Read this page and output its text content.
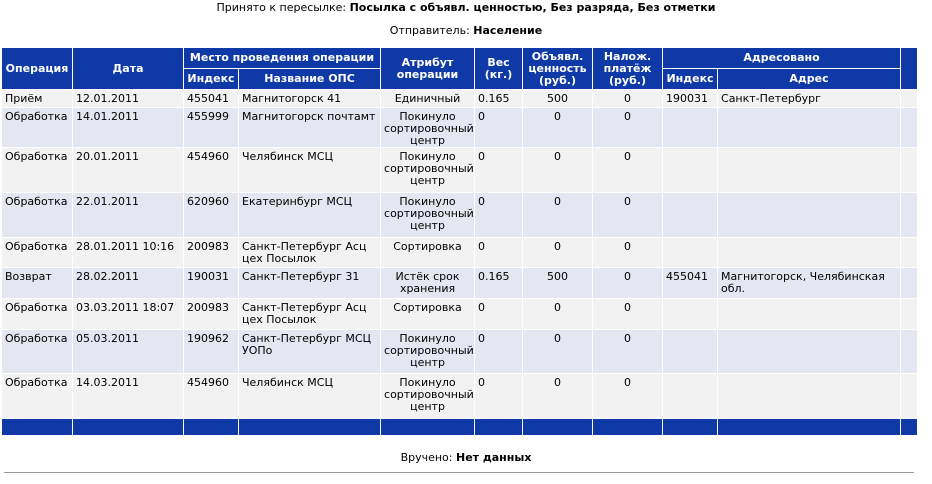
Принято к пересылке: Посылка с объявл. ценностью, Без разряда, Без отметки
Отправитель: Население
Операция	Дата	Место проведения операции		Атрибут операции	Вес (кг.)	Объявл. ценность (руб.)	Налож. платёж (руб.)	Адресовано		
		Индекс	Название ОПС					Индекс	Адрес	
Приём	12.01.2011	455041	Магнитогорск 41	Единичный	0.165	500	0	190031	Санкт-Петербург	
Обработка	14.01.2011	455999	Магнитогорск почтамт	Покинуло сортировочный центр	0	0	0			
Обработка	20.01.2011	454960	Челябинск МСЦ	Покинуло сортировочный центр	0	0	0			
Обработка	22.01.2011	620960	Екатеринбург МСЦ	Покинуло сортировочный центр	0	0	0			
Обработка	28.01.2011 10:16	200983	Санкт-Петербург Асц цех Посылок	Сортировка	0	0	0			
Возврат	28.02.2011	190031	Санкт-Петербург 31	Истёк срок хранения	0.165	500	0	455041	Магнитогорск, Челябинская обл.	
Обработка	03.03.2011 18:07	200983	Санкт-Петербург Асц цех Посылок	Сортировка	0	0	0			
Обработка	05.03.2011	190962	Санкт-Петербург МСЦ УОПо	Покинуло сортировочный центр	0	0	0			
Обработка	14.03.2011	454960	Челябинск МСЦ	Покинуло сортировочный центр	0	0	0			

Вручено: Нет данных
